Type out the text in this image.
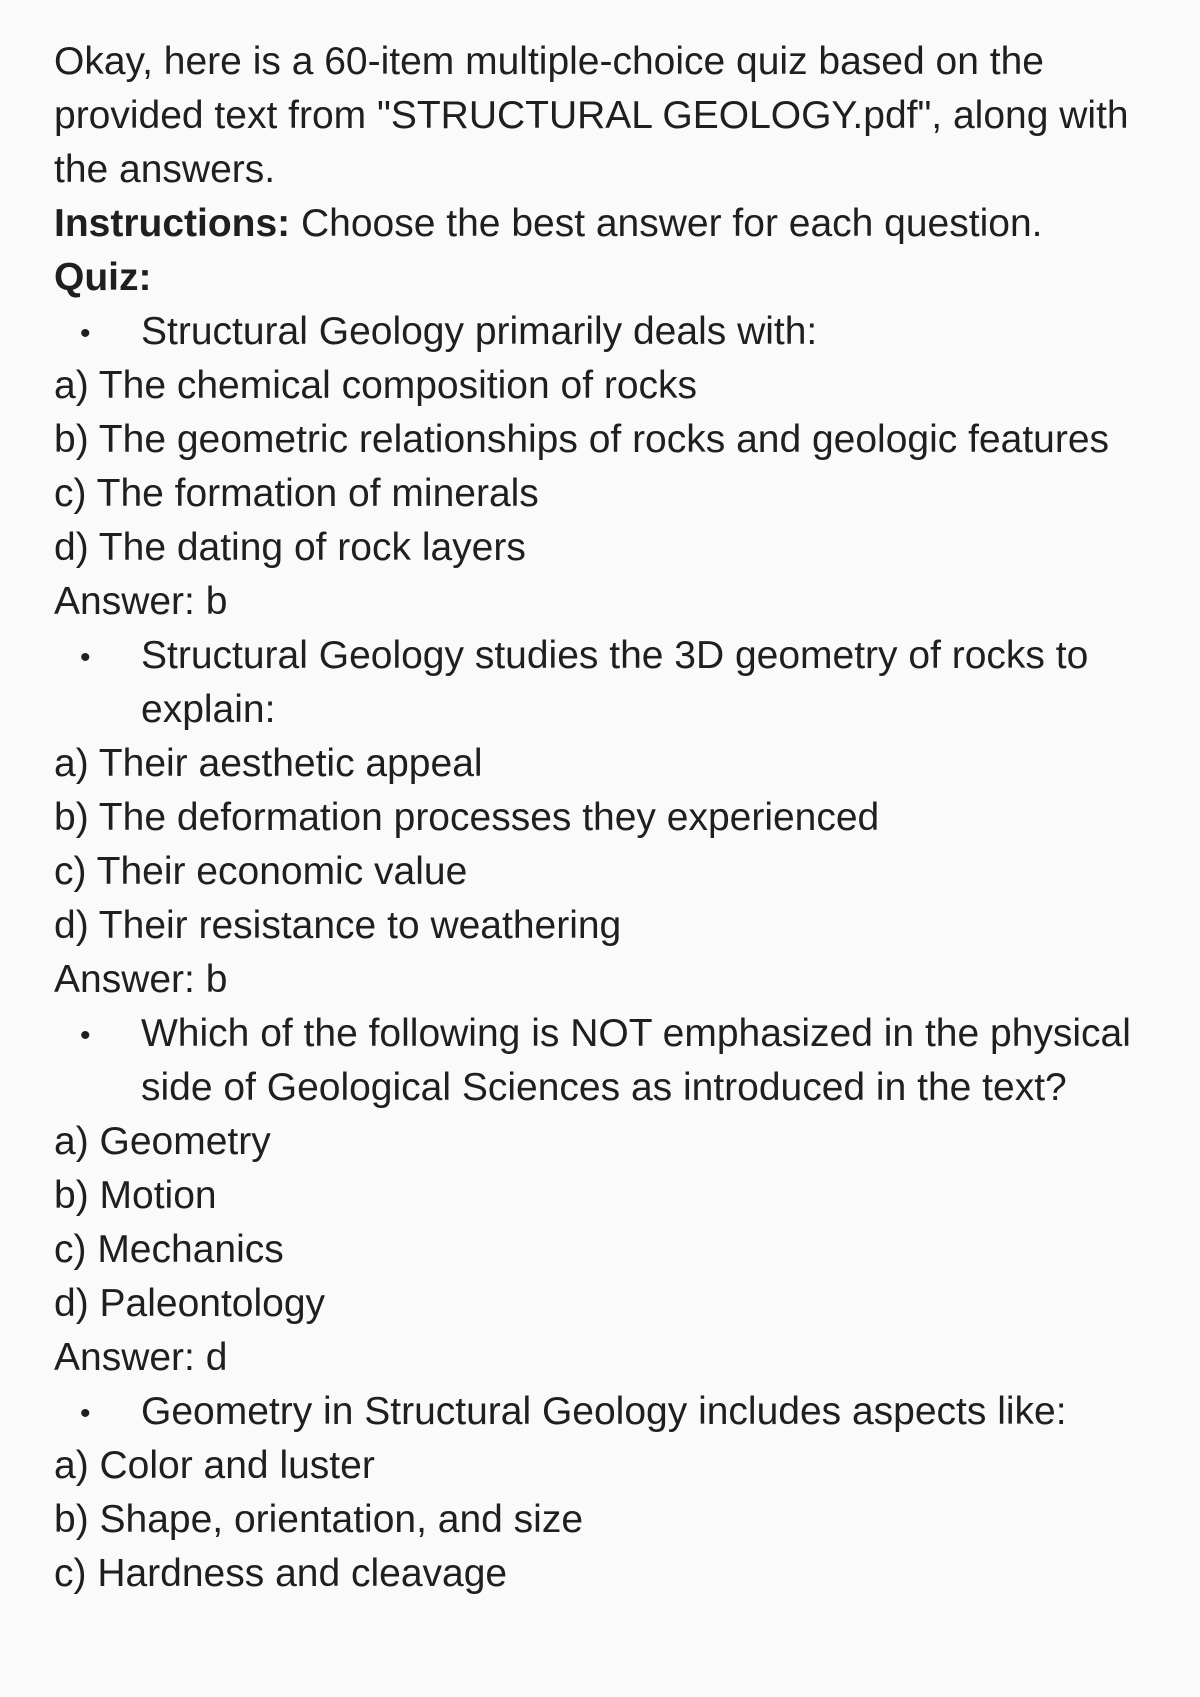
Okay, here is a 60-item multiple-choice quiz based on the provided text from "STRUCTURAL GEOLOGY.pdf", along with the answers.

Instructions: Choose the best answer for each question.

Quiz:

• Structural Geology primarily deals with:

a) The chemical composition of rocks

b) The geometric relationships of rocks and geologic features

c) The formation of minerals

d) The dating of rock layers

Answer: b

• Structural Geology studies the 3D geometry of rocks to explain:

a) Their aesthetic appeal

b) The deformation processes they experienced

c) Their economic value

d) Their resistance to weathering

Answer: b

• Which of the following is NOT emphasized in the physical side of Geological Sciences as introduced in the text?

a) Geometry

b) Motion

c) Mechanics

d) Paleontology

Answer: d

• Geometry in Structural Geology includes aspects like:

a) Color and luster

b) Shape, orientation, and size

c) Hardness and cleavage
